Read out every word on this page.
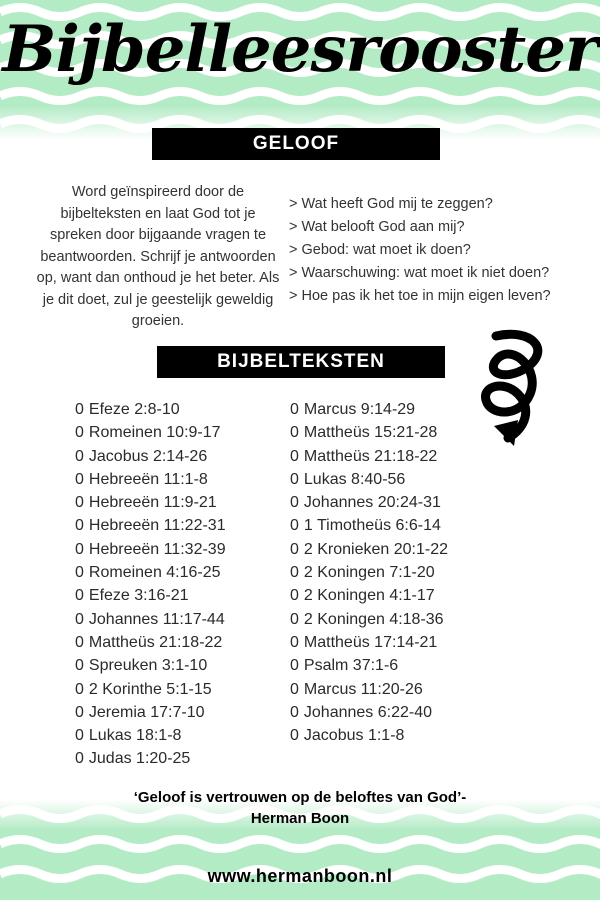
Bijbelleesrooster
GELOOF
Word geïnspireerd door de bijbelteksten en laat God tot je spreken door bijgaande vragen te beantwoorden. Schrijf je antwoorden op, want dan onthoud je het beter. Als je dit doet, zul je geestelijk geweldig groeien.
> Wat heeft God mij te zeggen?
> Wat belooft God aan mij?
> Gebod: wat moet ik doen?
> Waarschuwing: wat moet ik niet doen?
> Hoe pas ik het toe in mijn eigen leven?
BIJBELTEKSTEN
0 Efeze 2:8-10
0 Romeinen 10:9-17
0 Jacobus 2:14-26
0 Hebreeën 11:1-8
0 Hebreeën 11:9-21
0 Hebreeën 11:22-31
0 Hebreeën 11:32-39
0 Romeinen 4:16-25
0 Efeze 3:16-21
0 Johannes 11:17-44
0 Mattheüs 21:18-22
0 Spreuken 3:1-10
0 2 Korinthe 5:1-15
0 Jeremia 17:7-10
0 Lukas 18:1-8
0 Judas 1:20-25
0 Marcus 9:14-29
0 Mattheüs 15:21-28
0 Mattheüs 21:18-22
0 Lukas 8:40-56
0 Johannes 20:24-31
0 1 Timotheüs 6:6-14
0 2 Kronieken 20:1-22
0 2 Koningen 7:1-20
0 2 Koningen 4:1-17
0 2 Koningen 4:18-36
0 Mattheüs 17:14-21
0 Psalm 37:1-6
0 Marcus 11:20-26
0 Johannes 6:22-40
0 Jacobus 1:1-8
‘Geloof is vertrouwen op de beloftes van God’-
Herman Boon
www.hermanboon.nl
